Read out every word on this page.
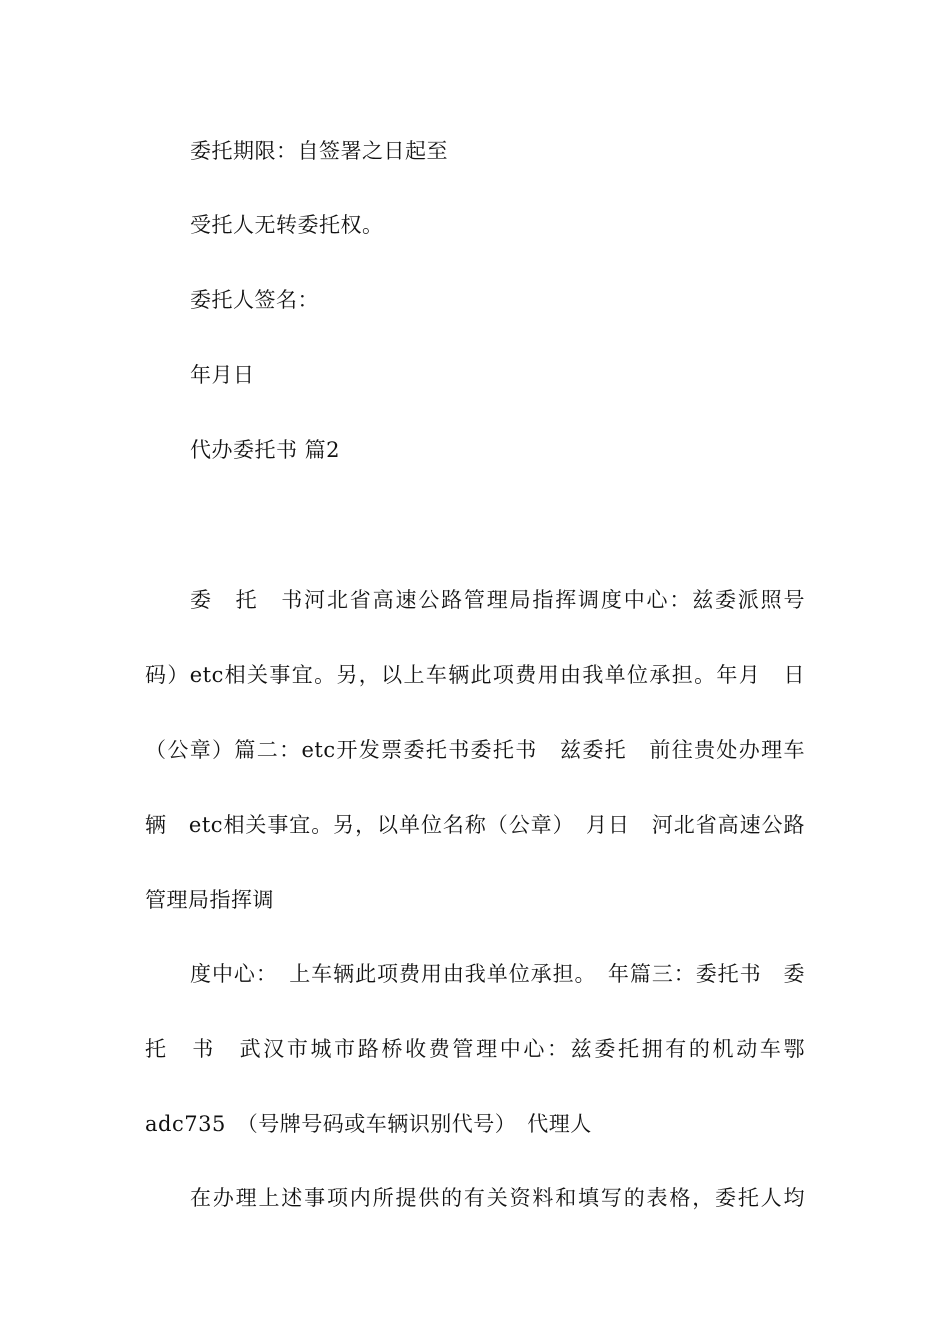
委托期限：自签署之日起至
受托人无转委托权。
委托人签名：
年月日
代办委托书 篇2
委　托　书河北省高速公路管理局指挥调度中心：兹委派照号
码）etc相关事宜。另，以上车辆此项费用由我单位承担。年月　日
（公章）篇二：etc开发票委托书委托书　兹委托　前往贵处办理车
辆　etc相关事宜。另，以单位名称（公章）　月日　河北省高速公路
管理局指挥调
度中心：　上车辆此项费用由我单位承担。　年篇三：委托书　委
托　书　武汉市城市路桥收费管理中心：兹委托拥有的机动车鄂
adc735　（号牌号码或车辆识别代号）　代理人
在办理上述事项内所提供的有关资料和填写的表格，委托人均
